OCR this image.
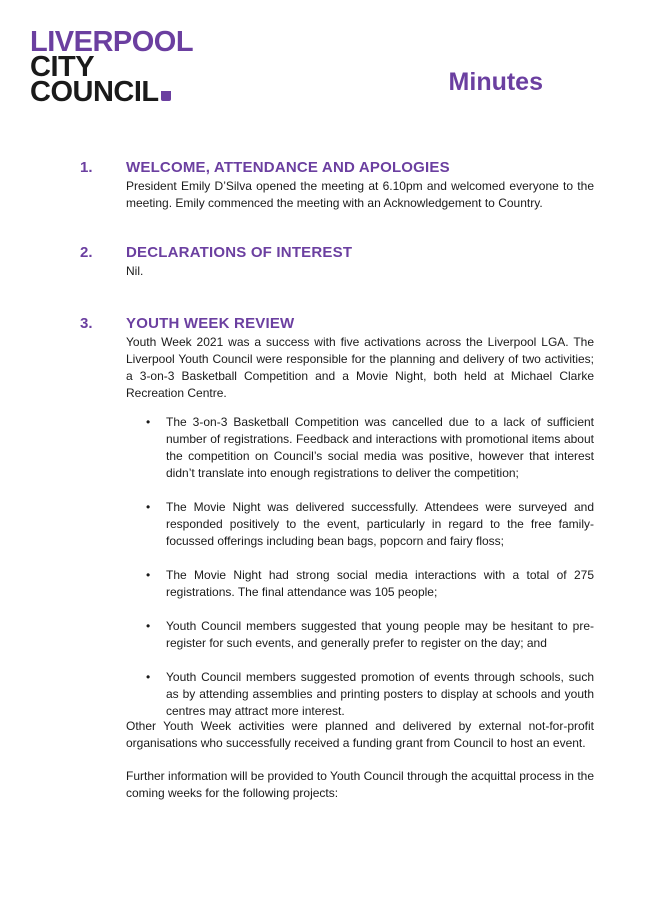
LIVERPOOL
CITY
COUNCIL	Minutes
1. WELCOME, ATTENDANCE AND APOLOGIES
President Emily D’Silva opened the meeting at 6.10pm and welcomed everyone to the meeting. Emily commenced the meeting with an Acknowledgement to Country.
2. DECLARATIONS OF INTEREST
Nil.
3. YOUTH WEEK REVIEW
Youth Week 2021 was a success with five activations across the Liverpool LGA. The Liverpool Youth Council were responsible for the planning and delivery of two activities; a 3-on-3 Basketball Competition and a Movie Night, both held at Michael Clarke Recreation Centre.
• The 3-on-3 Basketball Competition was cancelled due to a lack of sufficient number of registrations. Feedback and interactions with promotional items about the competition on Council’s social media was positive, however that interest didn’t translate into enough registrations to deliver the competition;
• The Movie Night was delivered successfully. Attendees were surveyed and responded positively to the event, particularly in regard to the free family-focussed offerings including bean bags, popcorn and fairy floss;
• The Movie Night had strong social media interactions with a total of 275 registrations. The final attendance was 105 people;
• Youth Council members suggested that young people may be hesitant to pre-register for such events, and generally prefer to register on the day; and
• Youth Council members suggested promotion of events through schools, such as by attending assemblies and printing posters to display at schools and youth centres may attract more interest.
Other Youth Week activities were planned and delivered by external not-for-profit organisations who successfully received a funding grant from Council to host an event.
Further information will be provided to Youth Council through the acquittal process in the coming weeks for the following projects:
